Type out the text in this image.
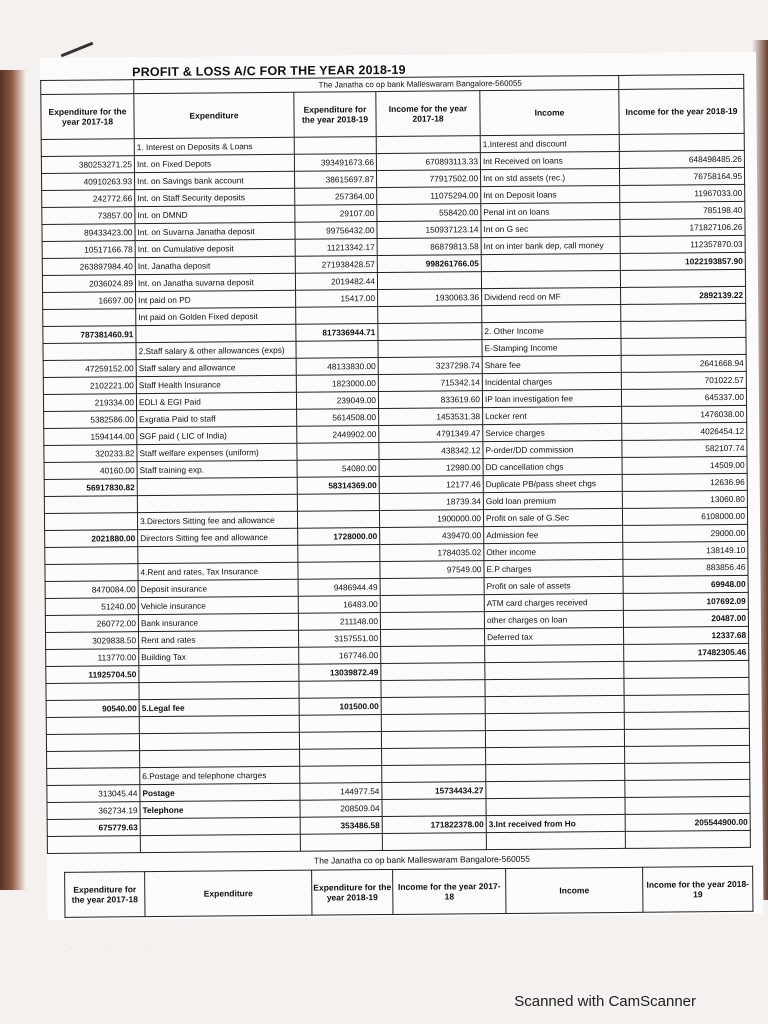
PROFIT & LOSS A/C FOR THE YEAR 2018-19
	The Janatha co op bank Malleswaram Bangalore-560055				
Expenditure for the year 2017-18	Expenditure	Expenditure for the year 2018-19	Income for the year 2017-18	Income	Income for the year 2018-19
	1. Interest on Deposits & Loans			1.Interest and discount	
380253271.25	Int. on Fixed Depots	393491673.66	670893113.33	Int Received on loans	648498485.26
40910263.93	Int. on Savings bank account	38615697.87	77917502.00	Int on std assets (rec.)	76758164.95
242772.66	Int. on Staff Security deposits	257364.00	11075294.00	Int on Deposit loans	11967033.00
73857.00	Int. on DMND	29107.00	558420.00	Penal int on loans	785198.40
89433423.00	Int. on Suvarna Janatha deposit	99756432.00	150937123.14	Int on G sec	171827106.26
10517166.78	Int. on Cumulative deposit	11213342.17	86879813.58	Int on inter bank dep, call money	112357870.03
263897984.40	Int. Janatha deposit	271938428.57	998261766.05		1022193857.90
2036024.89	Int. on Janatha suvarna deposit	2019482.44			
16697.00	Int paid on PD	15417.00	1930063.36	Dividend recd on MF	2892139.22
	Int paid on Golden Fixed deposit				
787381460.91		817336944.71		2. Other Income	
	2.Staff salary & other allowances (exps)			E-Stamping Income	
47259152.00	Staff salary and allowance	48133830.00	3237298.74	Share fee	2641668.94
2102221.00	Staff Health Insurance	1823000.00	715342.14	Incidental charges	701022.57
219334.00	EDLI & EGI Paid	239049.00	833619.60	IP loan investigation fee	645337.00
5382586.00	Exgratia Paid to staff	5614508.00	1453531.38	Locker rent	1476038.00
1594144.00	SGF paid ( LIC of India)	2449902.00	4791349.47	Service charges	4026454.12
320233.82	Staff welfare expenses (uniform)		438342.12	P-order/DD commission	582107.74
40160.00	Staff training exp.	54080.00	12980.00	DD cancellation chgs	14509.00
56917830.82		58314369.00	12177.46	Duplicate PB/pass sheet chgs	12636.96
			18739.34	Gold loan premium	13060.80
	3.Directors Sitting fee and allowance		1900000.00	Profit on sale of G.Sec	6108000.00
2021880.00	Directors Sitting fee and allowance	1728000.00	439470.00	Admission fee	29000.00
			1784035.02	Other income	138149.10
	4.Rent and rates, Tax Insurance		97549.00	E.P charges	883856.46
8470084.00	Deposit insurance	9486944.49		Profit on sale of assets	69948.00
51240.00	Vehicle insurance	16483.00		ATM card charges received	107692.09
260772.00	Bank insurance	211148.00		other charges on loan	20487.00
3029838.50	Rent and rates	3157551.00		Deferred tax	12337.68
113770.00	Building Tax	167746.00			17482305.46
11925704.50		13039872.49			

90540.00	5.Legal fee	101500.00			

	6.Postage and telephone charges				
313045.44	Postage	144977.54	15734434.27		
362734.19	Telephone	208509.04			
675779.63		353486.58	171822378.00	3.Int received from Ho	205544900.00

The Janatha co op bank Malleswaram Bangalore-560055
Expenditure for the year 2017-18	Expenditure	Expenditure for the year 2018-19	Income for the year 2017-18	Income	Income for the year 2018-19
. . .
Scanned with CamScanner
